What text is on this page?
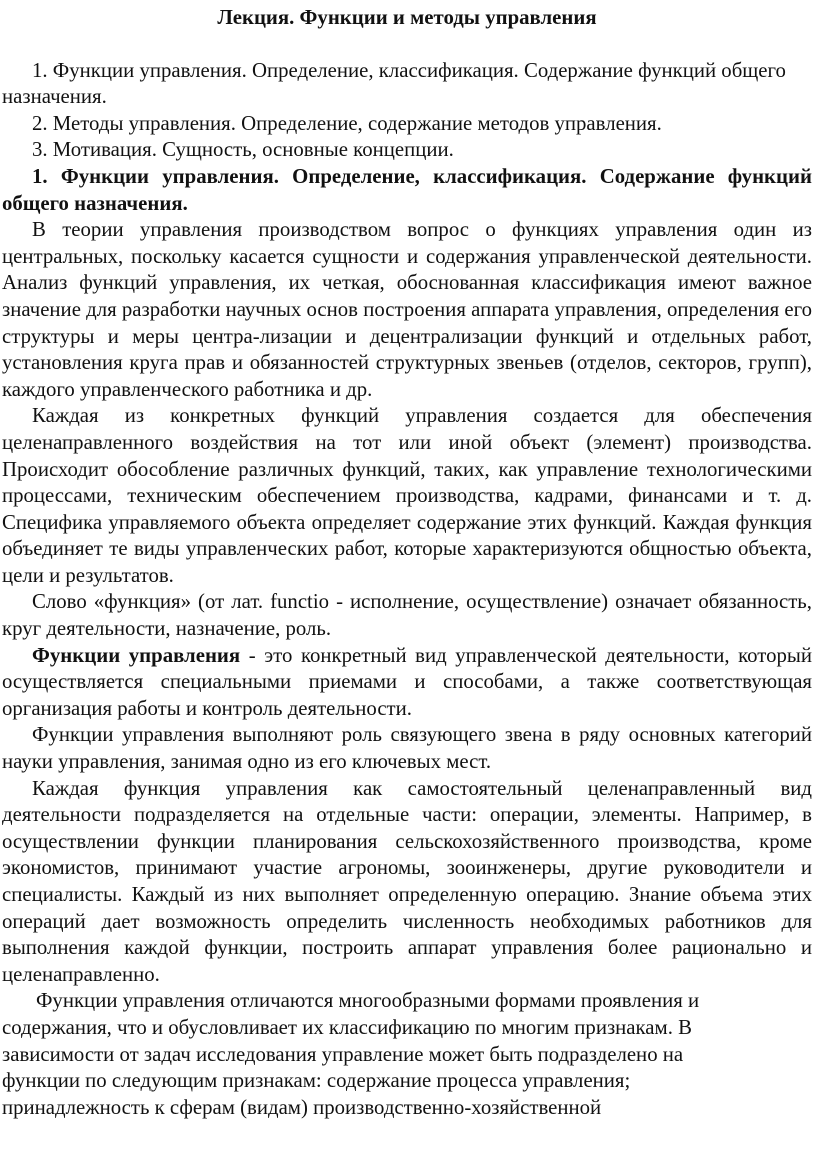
Лекция. Функции и методы управления

1. Функции управления. Определение, классификация. Содержание функций общего назначения.

2. Методы управления. Определение, содержание методов управления.

3. Мотивация. Сущность, основные концепции.

1. Функции управления. Определение, классификация. Содержание функций общего назначения.

В теории управления производством вопрос о функциях управления один из центральных, поскольку касается сущности и содержания управленческой деятельности. Анализ функций управления, их четкая, обоснованная классификация имеют важное значение для разработки научных основ построения аппарата управления, определения его структуры и меры центра-лизации и децентрализации функций и отдельных работ, установления круга прав и обязанностей структурных звеньев (отделов, секторов, групп), каждого управленческого работника и др.

Каждая из конкретных функций управления создается для обеспечения целенаправленного воздействия на тот или иной объект (элемент) производства. Происходит обособление различных функций, таких, как управление технологическими процессами, техническим обеспечением производства, кадрами, финансами и т. д. Специфика управляемого объекта определяет содержание этих функций. Каждая функция объединяет те виды управленческих работ, которые характеризуются общностью объекта, цели и результатов.

Слово «функция» (от лат. functio - исполнение, осуществление) означает обязанность, круг деятельности, назначение, роль.

Функции управления - это конкретный вид управленческой деятельности, который осуществляется специальными приемами и способами, а также соответствующая организация работы и контроль деятельности.

Функции управления выполняют роль связующего звена в ряду основных категорий науки управления, занимая одно из его ключевых мест.

Каждая функция управления как самостоятельный целенаправленный вид деятельности подразделяется на отдельные части: операции, элементы. Например, в осуществлении функции планирования сельскохозяйственного производства, кроме экономистов, принимают участие агрономы, зооинженеры, другие руководители и специалисты. Каждый из них выполняет определенную операцию. Знание объема этих операций дает возможность определить численность необходимых работников для выполнения каждой функции, построить аппарат управления более рационально и целенаправленно.

Функции управления отличаются многообразными формами проявления и
содержания, что и обусловливает их классификацию по многим признакам. В
зависимости от задач исследования управление может быть подразделено на
функции по следующим признакам: содержание процесса управления;
принадлежность к сферам (видам) производственно-хозяйственной
